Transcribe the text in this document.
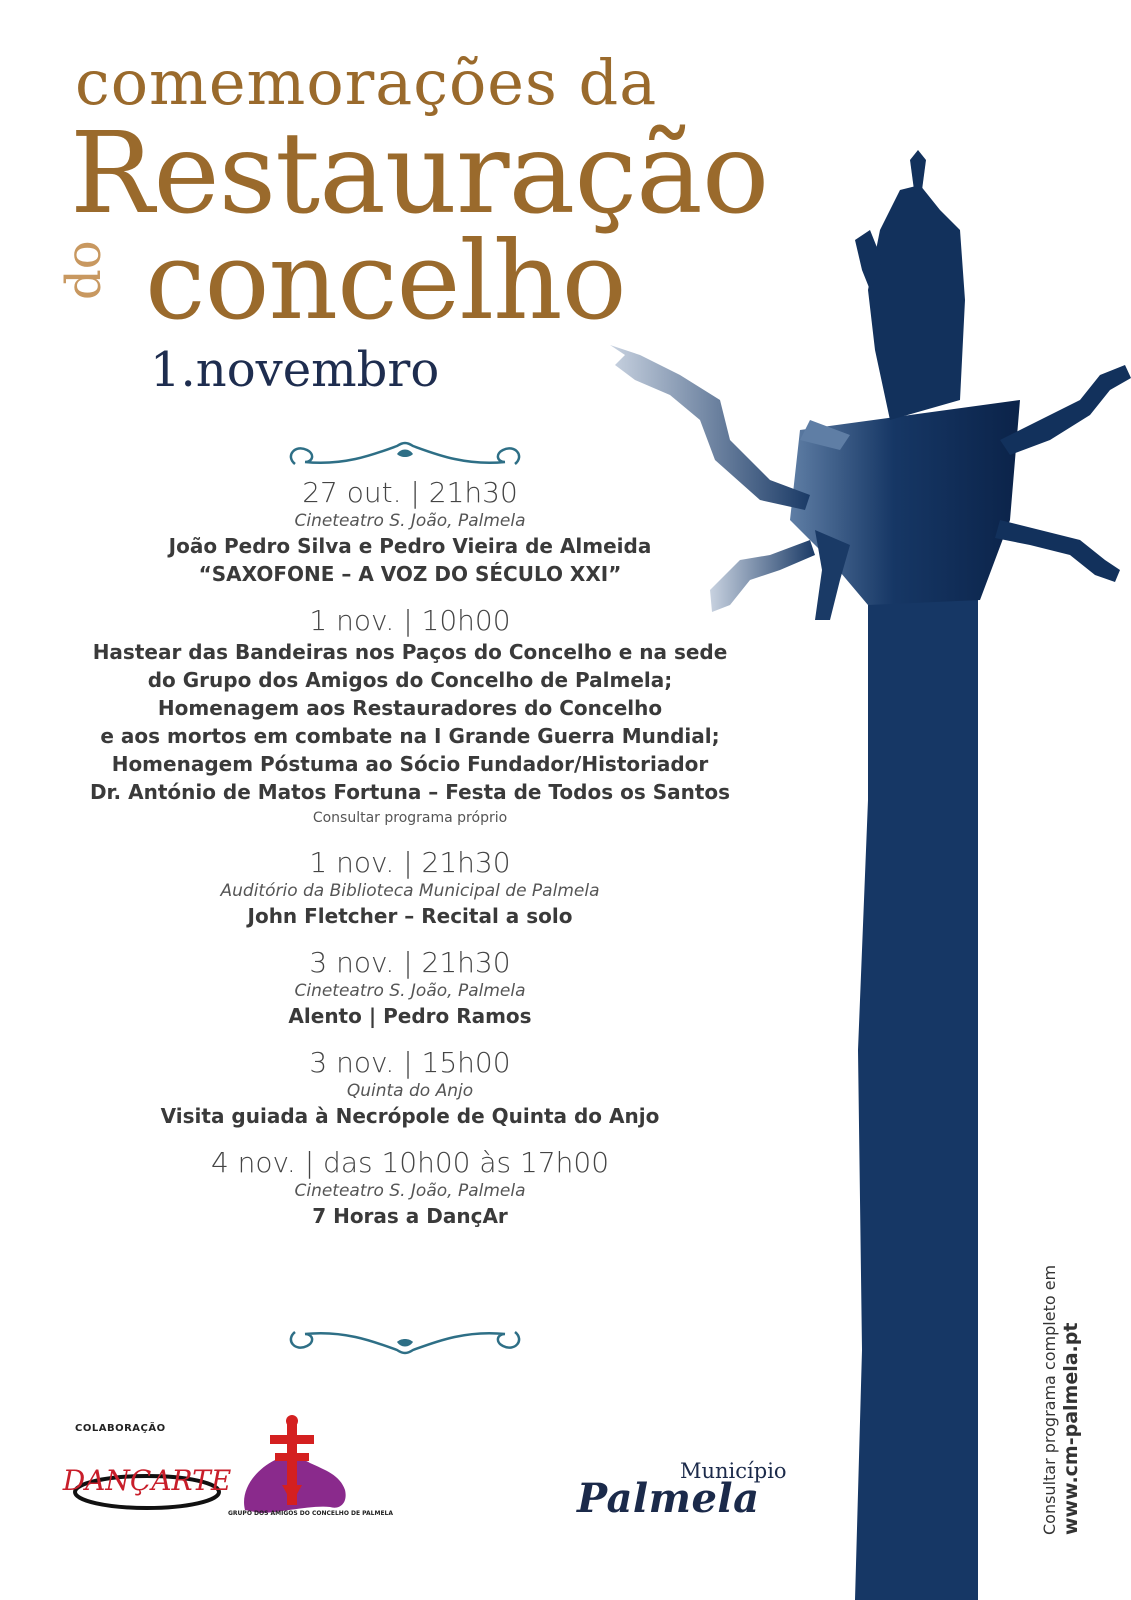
comemorações da
Restauração
do concelho
1.novembro
27 out. | 21h30
Cineteatro S. João, Palmela
João Pedro Silva e Pedro Vieira de Almeida
“SAXOFONE – A VOZ DO SÉCULO XXI”
1 nov. | 10h00
Hastear das Bandeiras nos Paços do Concelho e na sede
do Grupo dos Amigos do Concelho de Palmela;
Homenagem aos Restauradores do Concelho
e aos mortos em combate na I Grande Guerra Mundial;
Homenagem Póstuma ao Sócio Fundador/Historiador
Dr. António de Matos Fortuna – Festa de Todos os Santos
Consultar programa próprio
1 nov. | 21h30
Auditório da Biblioteca Municipal de Palmela
John Fletcher – Recital a solo
3 nov. | 21h30
Cineteatro S. João, Palmela
Alento | Pedro Ramos
3 nov. | 15h00
Quinta do Anjo
Visita guiada à Necrópole de Quinta do Anjo
4 nov. | das 10h00 às 17h00
Cineteatro S. João, Palmela
7 Horas a DançAr
Consultar programa completo em www.cm-palmela.pt
COLABORAÇÃO
DANÇARTE
GRUPO DOS AMIGOS DO CONCELHO DE PALMELA
Município
Palmela
